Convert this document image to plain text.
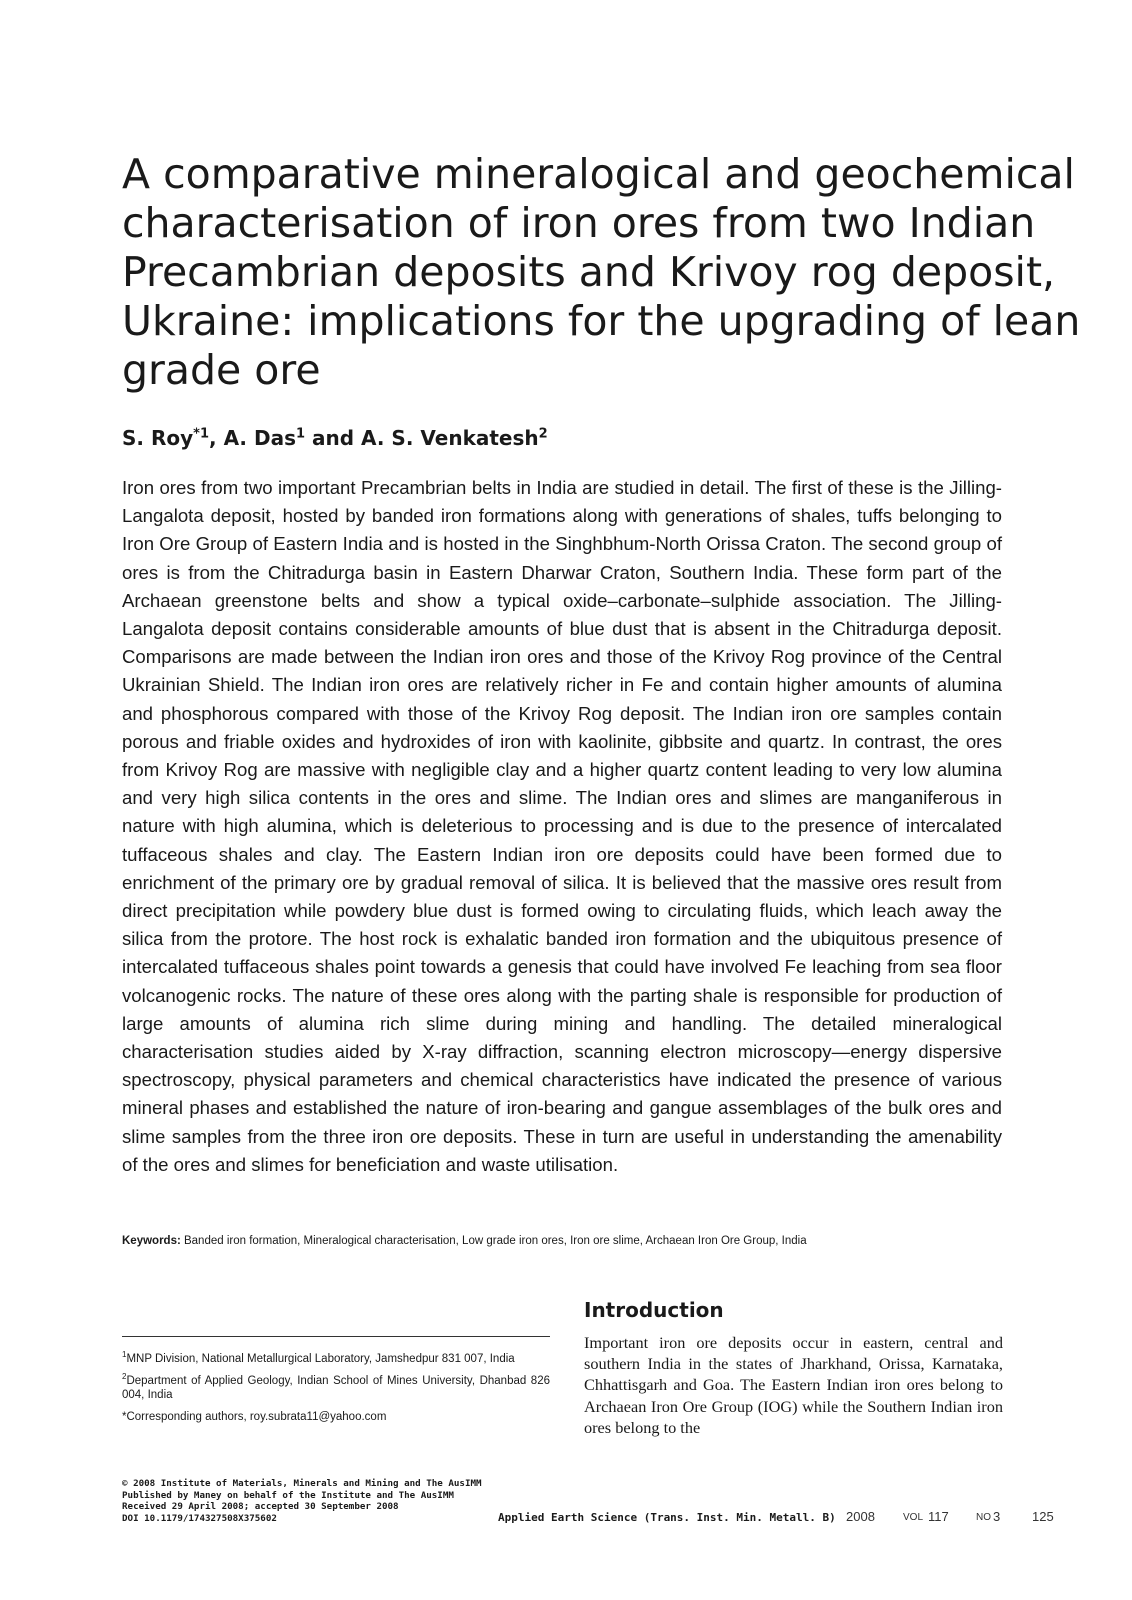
A comparative mineralogical and geochemical
characterisation of iron ores from two Indian
Precambrian deposits and Krivoy rog deposit,
Ukraine: implications for the upgrading of lean
grade ore
S. Roy$^{*1}$, A. Das$^1$ and A. S. Venkatesh$^2$

Iron ores from two important Precambrian belts in India are studied in detail. The first of these is the Jilling-Langalota deposit, hosted by banded iron formations along with generations of shales, tuffs belonging to Iron Ore Group of Eastern India and is hosted in the Singhbhum-North Orissa Craton. The second group of ores is from the Chitradurga basin in Eastern Dharwar Craton, Southern India. These form part of the Archaean greenstone belts and show a typical oxide–carbonate–sulphide association. The Jilling-Langalota deposit contains considerable amounts of blue dust that is absent in the Chitradurga deposit. Comparisons are made between the Indian iron ores and those of the Krivoy Rog province of the Central Ukrainian Shield. The Indian iron ores are relatively richer in Fe and contain higher amounts of alumina and phosphorous compared with those of the Krivoy Rog deposit. The Indian iron ore samples contain porous and friable oxides and hydroxides of iron with kaolinite, gibbsite and quartz. In contrast, the ores from Krivoy Rog are massive with negligible clay and a higher quartz content leading to very low alumina and very high silica contents in the ores and slime. The Indian ores and slimes are manganiferous in nature with high alumina, which is deleterious to processing and is due to the presence of intercalated tuffaceous shales and clay. The Eastern Indian iron ore deposits could have been formed due to enrichment of the primary ore by gradual removal of silica. It is believed that the massive ores result from direct precipitation while powdery blue dust is formed owing to circulating fluids, which leach away the silica from the protore. The host rock is exhalatic banded iron formation and the ubiquitous presence of intercalated tuffaceous shales point towards a genesis that could have involved Fe leaching from sea floor volcanogenic rocks. The nature of these ores along with the parting shale is responsible for production of large amounts of alumina rich slime during mining and handling. The detailed mineralogical characterisation studies aided by X-ray diffraction, scanning electron microscopy—energy dispersive spectroscopy, physical parameters and chemical characteristics have indicated the presence of various mineral phases and established the nature of iron-bearing and gangue assemblages of the bulk ores and slime samples from the three iron ore deposits. These in turn are useful in understanding the amenability of the ores and slimes for beneficiation and waste utilisation.

Keywords: Banded iron formation, Mineralogical characterisation, Low grade iron ores, Iron ore slime, Archaean Iron Ore Group, India

Introduction

Important iron ore deposits occur in eastern, central and southern India in the states of Jharkhand, Orissa, Karnataka, Chhattisgarh and Goa. The Eastern Indian iron ores belong to Archaean Iron Ore Group (IOG) while the Southern Indian iron ores belong to the

$^1$MNP Division, National Metallurgical Laboratory, Jamshedpur 831 007, India

$^2$Department of Applied Geology, Indian School of Mines University, Dhanbad 826 004, India

*Corresponding authors, roy.subrata11@yahoo.com

© 2008 Institute of Materials, Minerals and Mining and The AusIMM
Published by Maney on behalf of the Institute and The AusIMM
Received 29 April 2008; accepted 30 September 2008
DOI 10.1179/174327508X375602	Applied Earth Science (Trans. Inst. Min. Metall. B) 2008	VOL 117	NO 3 125
